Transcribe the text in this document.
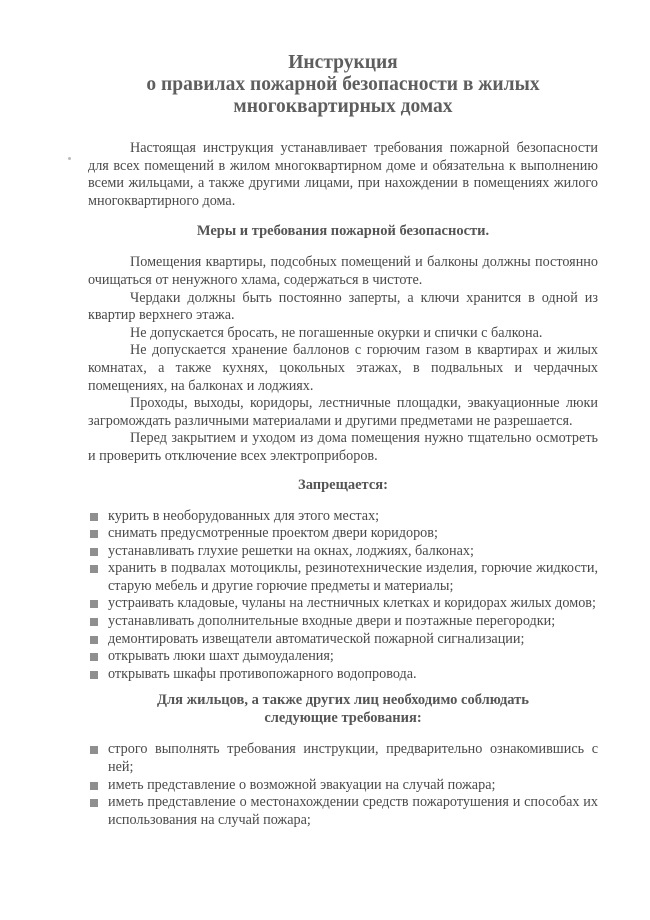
Инструкция
о правилах пожарной безопасности в жилых
многоквартирных домах

Настоящая инструкция устанавливает требования пожарной безопасности для всех помещений в жилом многоквартирном доме и обязательна к выполнению всеми жильцами, а также другими лицами, при нахождении в помещениях жилого многоквартирного дома.

Меры и требования пожарной безопасности.

Помещения квартиры, подсобных помещений и балконы должны постоянно очищаться от ненужного хлама, содержаться в чистоте.

Чердаки должны быть постоянно заперты, а ключи хранится в одной из квартир верхнего этажа.

Не допускается бросать, не погашенные окурки и спички с балкона.

Не допускается хранение баллонов с горючим газом в квартирах и жилых комнатах, а также кухнях, цокольных этажах, в подвальных и чердачных помещениях, на балконах и лоджиях.

Проходы, выходы, коридоры, лестничные площадки, эвакуационные люки загромождать различными материалами и другими предметами не разрешается.

Перед закрытием и уходом из дома помещения нужно тщательно осмотреть и проверить отключение всех электроприборов.

Запрещается:
курить в необорудованных для этого местах;
снимать предусмотренные проектом двери коридоров;
устанавливать глухие решетки на окнах, лоджиях, балконах;
хранить в подвалах мотоциклы, резинотехнические изделия, горючие жидкости, старую мебель и другие горючие предметы и материалы;
устраивать кладовые, чуланы на лестничных клетках и коридорах жилых домов;
устанавливать дополнительные входные двери и поэтажные перегородки;
демонтировать извещатели автоматической пожарной сигнализации;
открывать люки шахт дымоудаления;
открывать шкафы противопожарного водопровода.
Для жильцов, а также других лиц необходимо соблюдать
следующие требования:
строго выполнять требования инструкции, предварительно ознакомившись с ней;
иметь представление о возможной эвакуации на случай пожара;
иметь представление о местонахождении средств пожаротушения и способах их использования на случай пожара;
